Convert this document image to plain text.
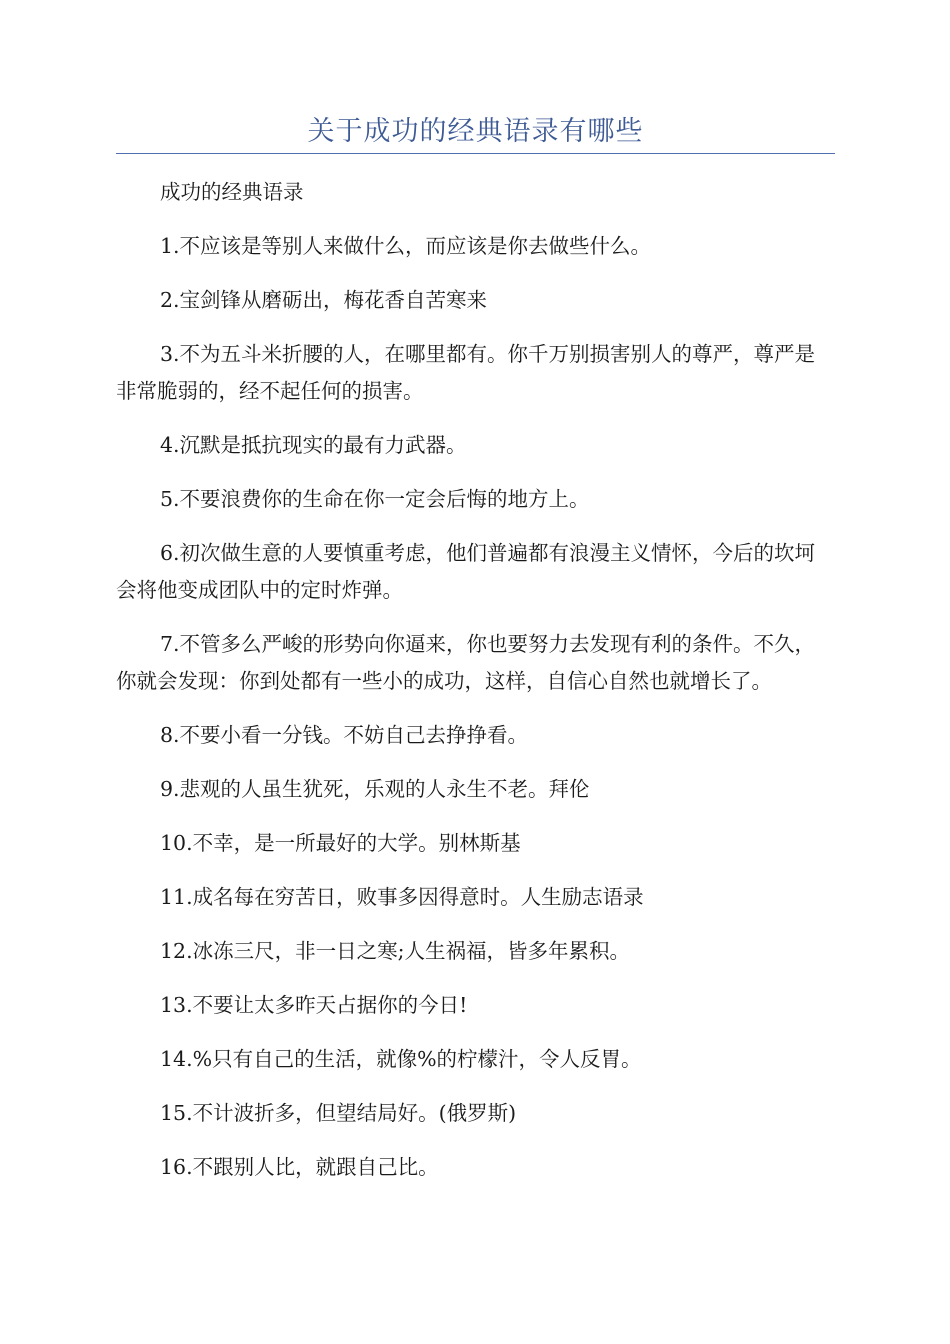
关于成功的经典语录有哪些

成功的经典语录

1.不应该是等别人来做什么，而应该是你去做些什么。

2.宝剑锋从磨砺出，梅花香自苦寒来

3.不为五斗米折腰的人，在哪里都有。你千万别损害别人的尊严，尊严是非常脆弱的，经不起任何的损害。

4.沉默是抵抗现实的最有力武器。

5.不要浪费你的生命在你一定会后悔的地方上。

6.初次做生意的人要慎重考虑，他们普遍都有浪漫主义情怀，今后的坎坷会将他变成团队中的定时炸弹。

7.不管多么严峻的形势向你逼来，你也要努力去发现有利的条件。不久，你就会发现：你到处都有一些小的成功，这样，自信心自然也就增长了。

8.不要小看一分钱。不妨自己去挣挣看。

9.悲观的人虽生犹死，乐观的人永生不老。拜伦

10.不幸，是一所最好的大学。别林斯基

11.成名每在穷苦日，败事多因得意时。人生励志语录

12.冰冻三尺，非一日之寒;人生祸福，皆多年累积。

13.不要让太多昨天占据你的今日!

14.%只有自己的生活，就像%的柠檬汁，令人反胃。

15.不计波折多，但望结局好。(俄罗斯)

16.不跟别人比，就跟自己比。
